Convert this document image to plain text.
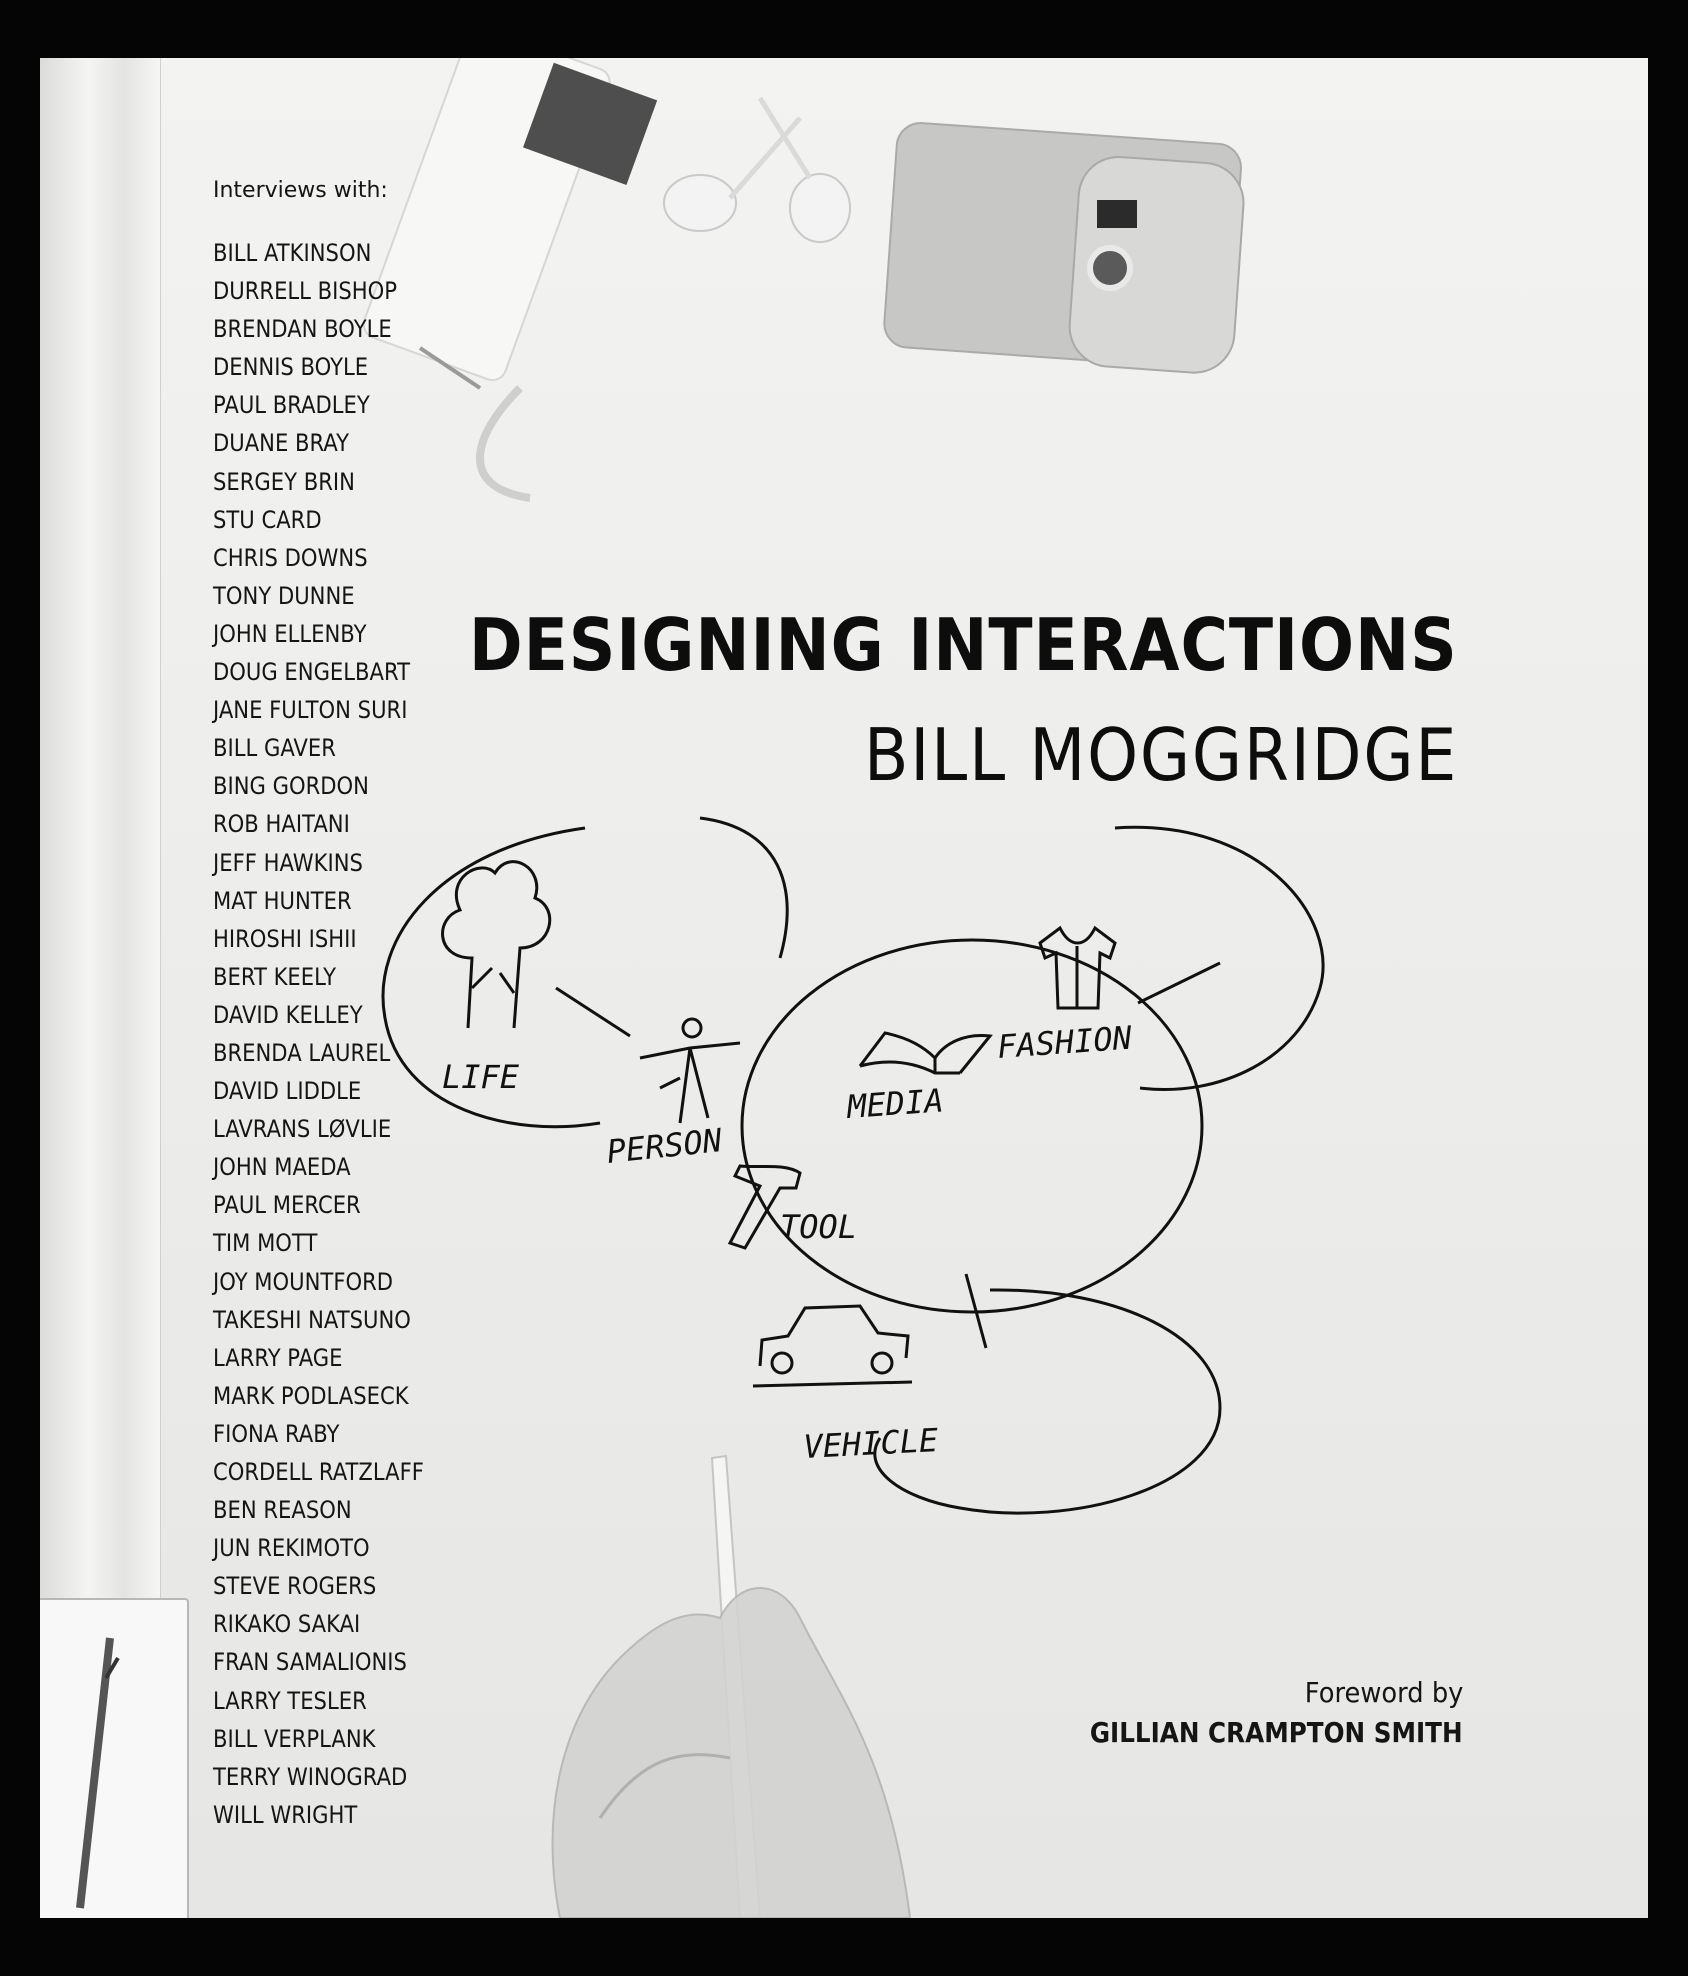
LIFE
PERSON
MEDIA
FASHION
TOOL
VEHICLE
Interviews with:
BILL ATKINSON
DURRELL BISHOP
BRENDAN BOYLE
DENNIS BOYLE
PAUL BRADLEY
DUANE BRAY
SERGEY BRIN
STU CARD
CHRIS DOWNS
TONY DUNNE
JOHN ELLENBY
DOUG ENGELBART
JANE FULTON SURI
BILL GAVER
BING GORDON
ROB HAITANI
JEFF HAWKINS
MAT HUNTER
HIROSHI ISHII
BERT KEELY
DAVID KELLEY
BRENDA LAUREL
DAVID LIDDLE
LAVRANS LØVLIE
JOHN MAEDA
PAUL MERCER
TIM MOTT
JOY MOUNTFORD
TAKESHI NATSUNO
LARRY PAGE
MARK PODLASECK
FIONA RABY
CORDELL RATZLAFF
BEN REASON
JUN REKIMOTO
STEVE ROGERS
RIKAKO SAKAI
FRAN SAMALIONIS
LARRY TESLER
BILL VERPLANK
TERRY WINOGRAD
WILL WRIGHT
DESIGNING INTERACTIONS
BILL MOGGRIDGE
Foreword by
GILLIAN CRAMPTON SMITH
